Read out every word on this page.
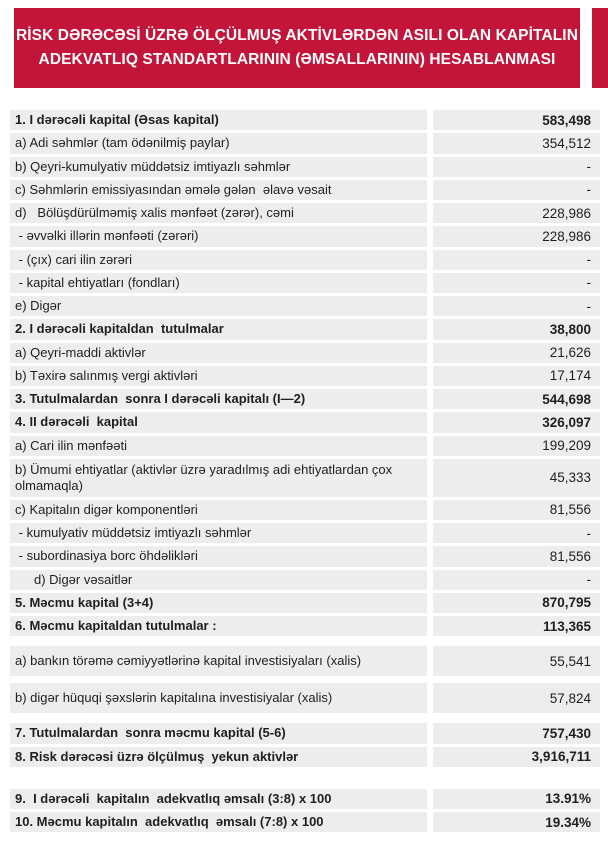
RİSK DƏRƏCƏSİ ÜZRƏ ÖLÇÜLMUŞ AKTİVLƏRDƏN ASILI OLAN KAPİTALIN
ADEKVATLIQ STANDARTLARININ (ƏMSALLARININ) HESABLANMASI
1. I dərəcəli kapital (Əsas kapital)	583,498
a) Adi səhmlər (tam ödənilmiş paylar)	354,512
b) Qeyri-kumulyativ müddətsiz imtiyazlı səhmlər	-
c) Səhmlərin emissiyasından əmələ gələn  əlavə vəsait	-
d)   Bölüşdürülməmiş xalis mənfəət (zərər), cəmi	228,986
- əvvəlki illərin mənfəəti (zərəri)	228,986
- (çıx) cari ilin zərəri	-
- kapital ehtiyatları (fondları)	-
e) Digər	-
2. I dərəcəli kapitaldan  tutulmalar	38,800
a) Qeyri-maddi aktivlər	21,626
b) Təxirə salınmış vergi aktivləri	17,174
3. Tutulmalardan  sonra I dərəcəli kapitalı (I—2)	544,698
4. II dərəcəli  kapital	326,097
a) Cari ilin mənfəəti	199,209
b) Ümumi ehtiyatlar (aktivlər üzrə yaradılmış adi ehtiyatlardan çox olmamaqla)	45,333
c) Kapitalın digər komponentləri	81,556
- kumulyativ müddətsiz imtiyazlı səhmlər	-
- subordinasiya borc öhdəlikləri	81,556
d) Digər vəsaitlər	-
5. Məcmu kapital (3+4)	870,795
6. Məcmu kapitaldan tutulmalar :	113,365
a) bankın törəmə cəmiyyətlərinə kapital investisiyaları (xalis)	55,541
b) digər hüquqi şəxslərin kapitalına investisiyalar (xalis)	57,824
7. Tutulmalardan  sonra məcmu kapital (5-6)	757,430
8. Risk dərəcəsi üzrə ölçülmuş  yekun aktivlər	3,916,711
9.  I dərəcəli  kapitalın  adekvatlıq əmsalı (3:8) x 100	13.91%
10. Məcmu kapitalın  adekvatlıq  əmsalı (7:8) x 100	19.34%
